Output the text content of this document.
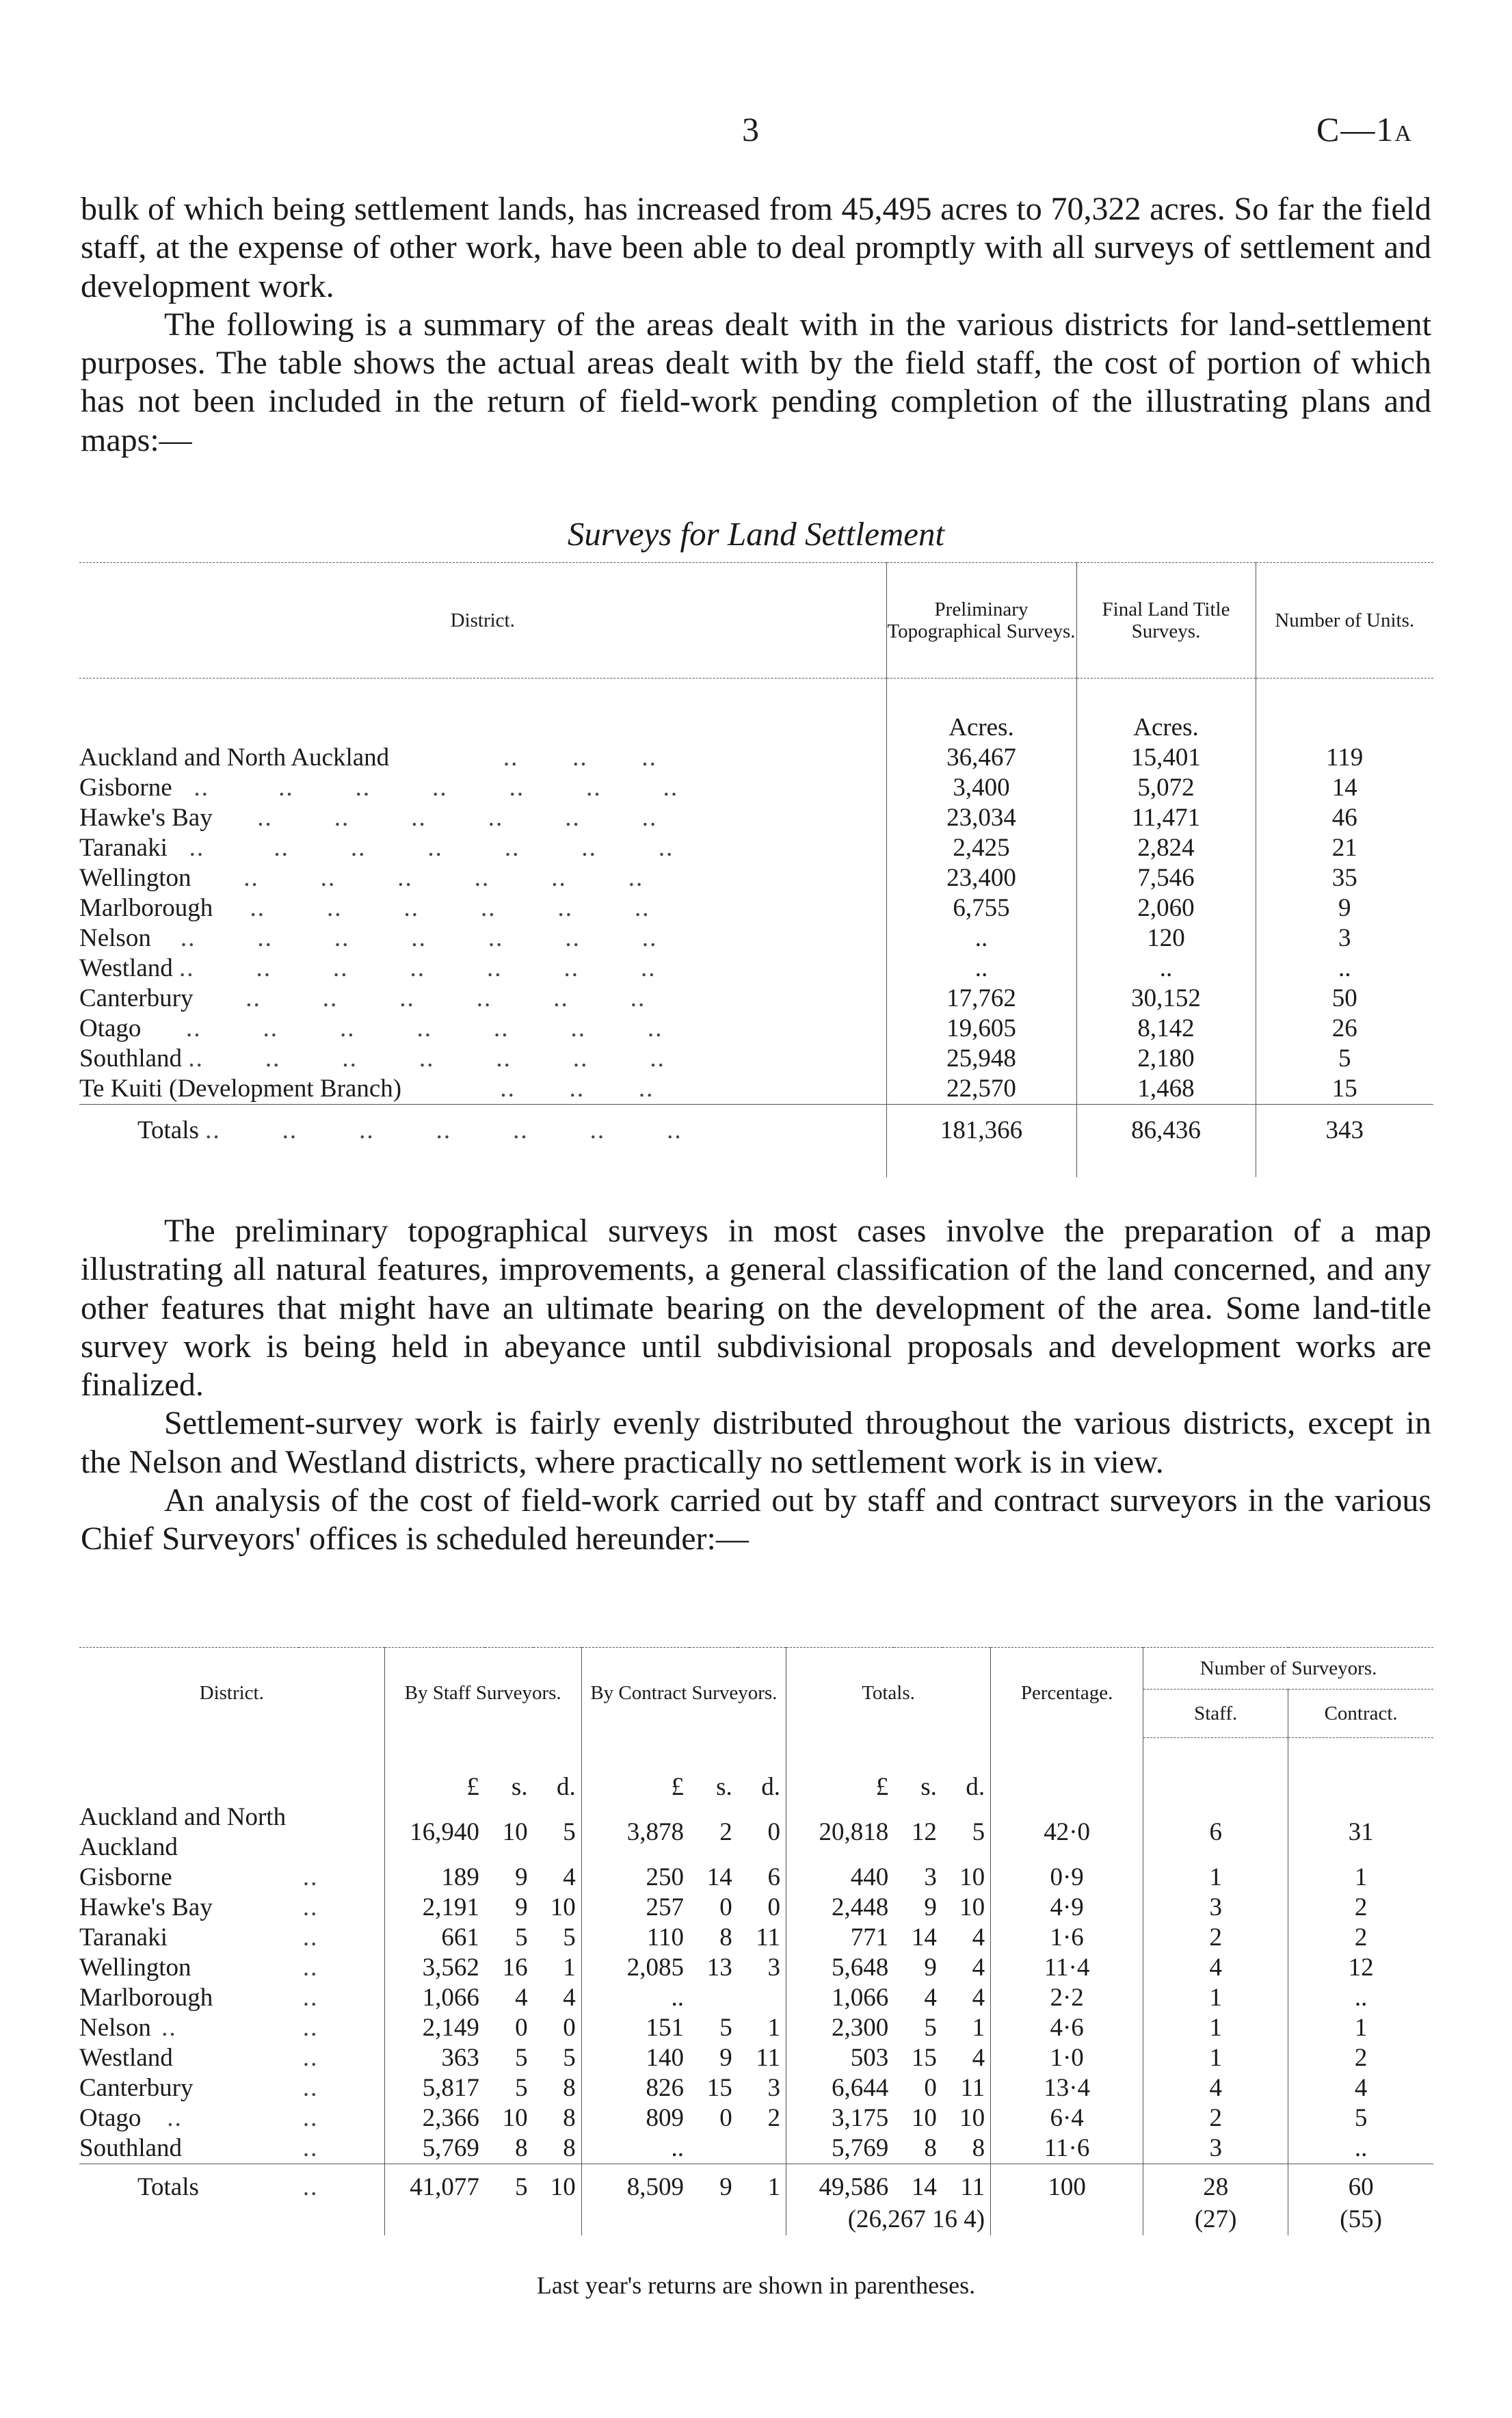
3	C—1A

bulk of which being settlement lands, has increased from 45,495 acres to 70,322 acres. So far the field staff, at the expense of other work, have been able to deal promptly with all surveys of settlement and development work.

The following is a summary of the areas dealt with in the various districts for land-settlement purposes. The table shows the actual areas dealt with by the field staff, the cost of portion of which has not been included in the return of field-work pending completion of the illustrating plans and maps:—

Surveys for Land Settlement
District.	Preliminary Topographical Surveys.	Final Land Title Surveys.	Number of Units.
	Acres.	Acres.	
Auckland and North Auckland               ..       ..       ..	36,467	15,401	119
Gisborne   ..         ..        ..        ..        ..        ..        ..	3,400	5,072	14
Hawke's Bay      ..        ..        ..        ..        ..        ..	23,034	11,471	46
Taranaki   ..         ..        ..        ..        ..        ..        ..	2,425	2,824	21
Wellington       ..        ..        ..        ..        ..        ..	23,400	7,546	35
Marlborough     ..        ..        ..        ..        ..        ..	6,755	2,060	9
Nelson    ..        ..        ..        ..        ..        ..        ..	..	120	3
Westland ..        ..        ..        ..        ..        ..        ..	..	..	..
Canterbury       ..        ..        ..        ..        ..        ..	17,762	30,152	50
Otago      ..        ..        ..        ..        ..        ..        ..	19,605	8,142	26
Southland ..        ..        ..        ..        ..        ..        ..	25,948	2,180	5
Te Kuiti (Development Branch)             ..       ..       ..	22,570	1,468	15
Totals ..        ..        ..        ..        ..        ..        ..	181,366	86,436	343

The preliminary topographical surveys in most cases involve the preparation of a map illustrating all natural features, improvements, a general classification of the land concerned, and any other features that might have an ultimate bearing on the development of the area. Some land-title survey work is being held in abeyance until subdivisional proposals and development works are finalized.

Settlement-survey work is fairly evenly distributed throughout the various districts, except in the Nelson and Westland districts, where practically no settlement work is in view.

An analysis of the cost of field-work carried out by staff and contract surveyors in the various Chief Surveyors' offices is scheduled hereunder:—

District.		By Staff Surveyors.			By Contract Surveyors.			Totals.			Percentage.	Number of Surveyors.	
												Staff.	Contract.
		£	s.	d.	£	s.	d.	£	s.	d.			
Auckland and North Auckland		16,940	10	5	3,878	2	0	20,818	12	5	42·0	6	31
Gisborne	..	189	9	4	250	14	6	440	3	10	0·9	1	1
Hawke's Bay	..	2,191	9	10	257	0	0	2,448	9	10	4·9	3	2
Taranaki	..	661	5	5	110	8	11	771	14	4	1·6	2	2
Wellington	..	3,562	16	1	2,085	13	3	5,648	9	4	11·4	4	12
Marlborough	..	1,066	4	4	..			1,066	4	4	2·2	1	..
Nelson ..	..	2,149	0	0	151	5	1	2,300	5	1	4·6	1	1
Westland	..	363	5	5	140	9	11	503	15	4	1·0	1	2
Canterbury	..	5,817	5	8	826	15	3	6,644	0	11	13·4	4	4
Otago   ..	..	2,366	10	8	809	0	2	3,175	10	10	6·4	2	5
Southland	..	5,769	8	8	..			5,769	8	8	11·6	3	..
Totals	..	41,077	5	10	8,509	9	1	49,586	14	11	100	28	60
								(26,267 16 4)				(27)	(55)
Last year's returns are shown in parentheses.
